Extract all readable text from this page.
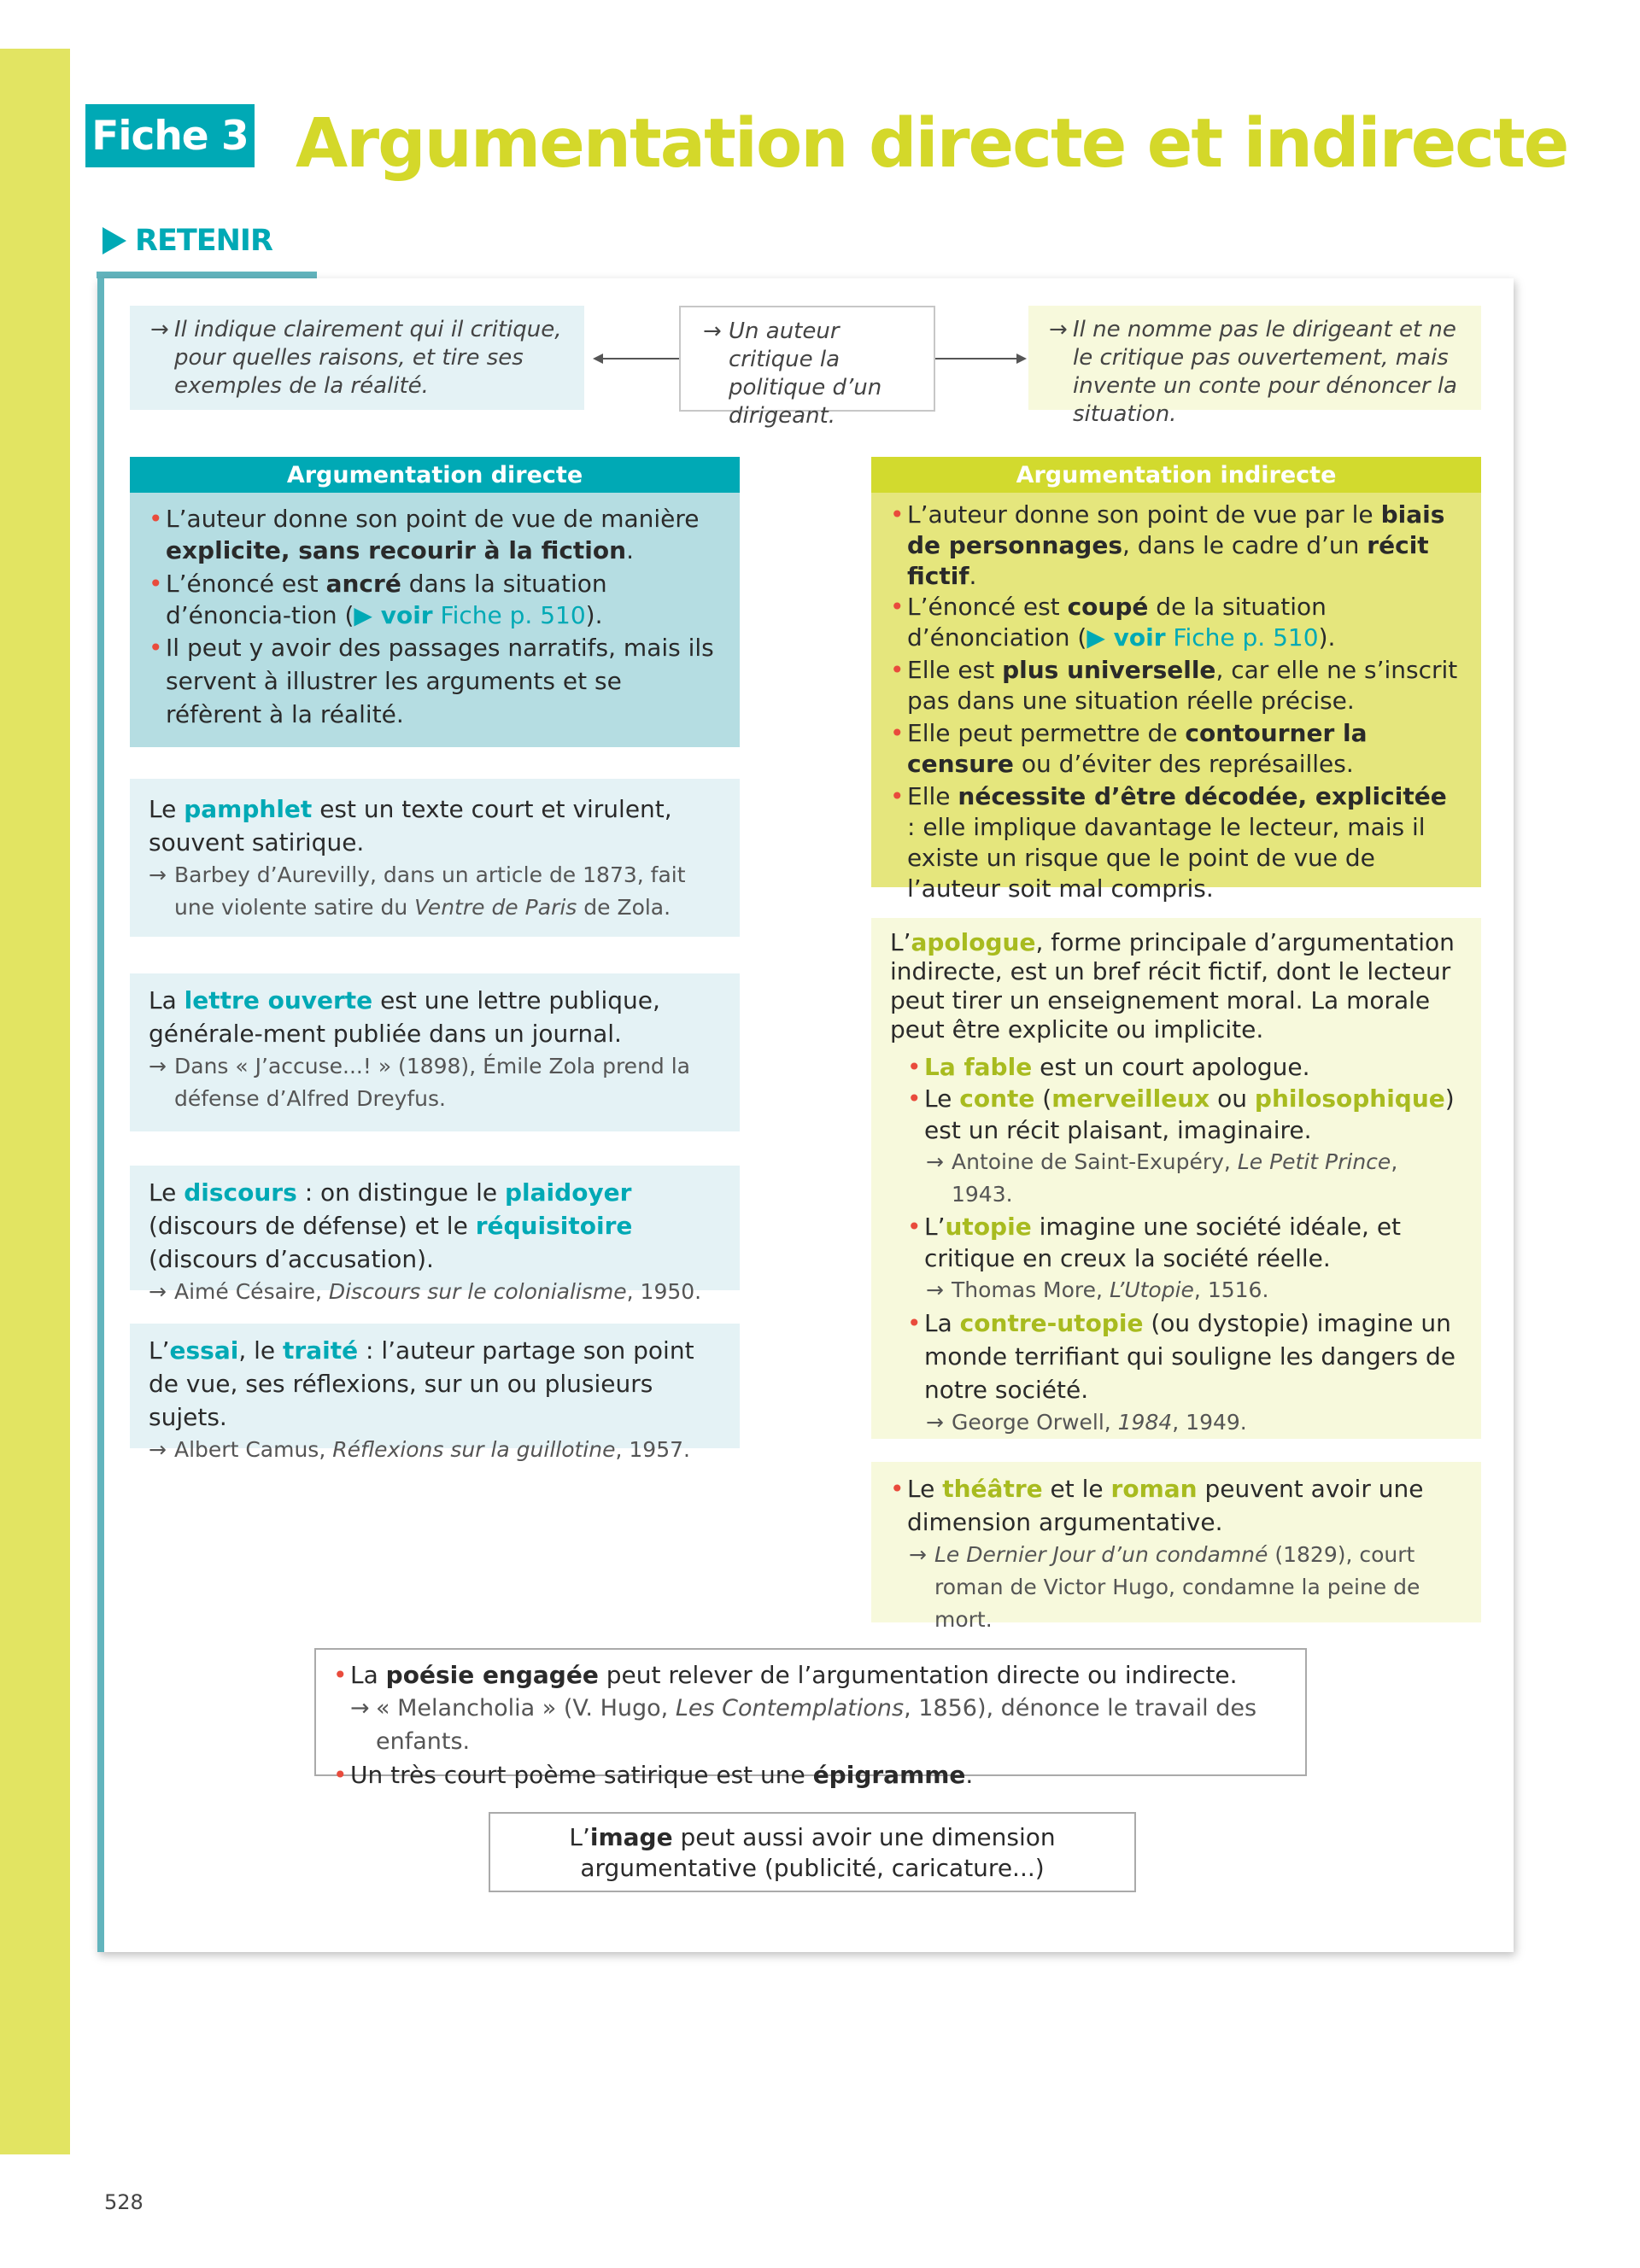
Fiche 3 Argumentation directe et indirecte
RETENIR
→ Il indique clairement qui il critique, pour quelles raisons, et tire ses exemples de la réalité.
→ Un auteur critique la politique d’un dirigeant.
→ Il ne nomme pas le dirigeant et ne le critique pas ouvertement, mais invente un conte pour dénoncer la situation.
Argumentation directe
• L’auteur donne son point de vue de manière explicite, sans recourir à la fiction.
• L’énoncé est ancré dans la situation d’énoncia-tion (▶ voir Fiche p. 510).
• Il peut y avoir des passages narratifs, mais ils servent à illustrer les arguments et se réfèrent à la réalité.
Le pamphlet est un texte court et virulent, souvent satirique.
→ Barbey d’Aurevilly, dans un article de 1873, fait une violente satire du Ventre de Paris de Zola.
La lettre ouverte est une lettre publique, générale-ment publiée dans un journal.
→ Dans « J’accuse...! » (1898), Émile Zola prend la défense d’Alfred Dreyfus.
Le discours : on distingue le plaidoyer (discours de défense) et le réquisitoire (discours d’accusation).
→ Aimé Césaire, Discours sur le colonialisme, 1950.
L’essai, le traité : l’auteur partage son point de vue, ses réflexions, sur un ou plusieurs sujets.
→ Albert Camus, Réflexions sur la guillotine, 1957.
Argumentation indirecte
• L’auteur donne son point de vue par le biais de personnages, dans le cadre d’un récit fictif.
• L’énoncé est coupé de la situation d’énonciation (▶ voir Fiche p. 510).
• Elle est plus universelle, car elle ne s’inscrit pas dans une situation réelle précise.
• Elle peut permettre de contourner la censure ou d’éviter des représailles.
• Elle nécessite d’être décodée, explicitée : elle implique davantage le lecteur, mais il existe un risque que le point de vue de l’auteur soit mal compris.
L’apologue, forme principale d’argumentation indirecte, est un bref récit fictif, dont le lecteur peut tirer un enseignement moral. La morale peut être explicite ou implicite.
• La fable est un court apologue.
• Le conte (merveilleux ou philosophique) est un récit plaisant, imaginaire.
→ Antoine de Saint-Exupéry, Le Petit Prince, 1943.
• L’utopie imagine une société idéale, et critique en creux la société réelle.
→ Thomas More, L’Utopie, 1516.
• La contre-utopie (ou dystopie) imagine un monde terrifiant qui souligne les dangers de notre société.
→ George Orwell, 1984, 1949.
• Le théâtre et le roman peuvent avoir une dimension argumentative.
→ Le Dernier Jour d’un condamné (1829), court roman de Victor Hugo, condamne la peine de mort.
• La poésie engagée peut relever de l’argumentation directe ou indirecte.
→ « Melancholia » (V. Hugo, Les Contemplations, 1856), dénonce le travail des enfants.
• Un très court poème satirique est une épigramme.
L’image peut aussi avoir une dimension argumentative (publicité, caricature...)
528
